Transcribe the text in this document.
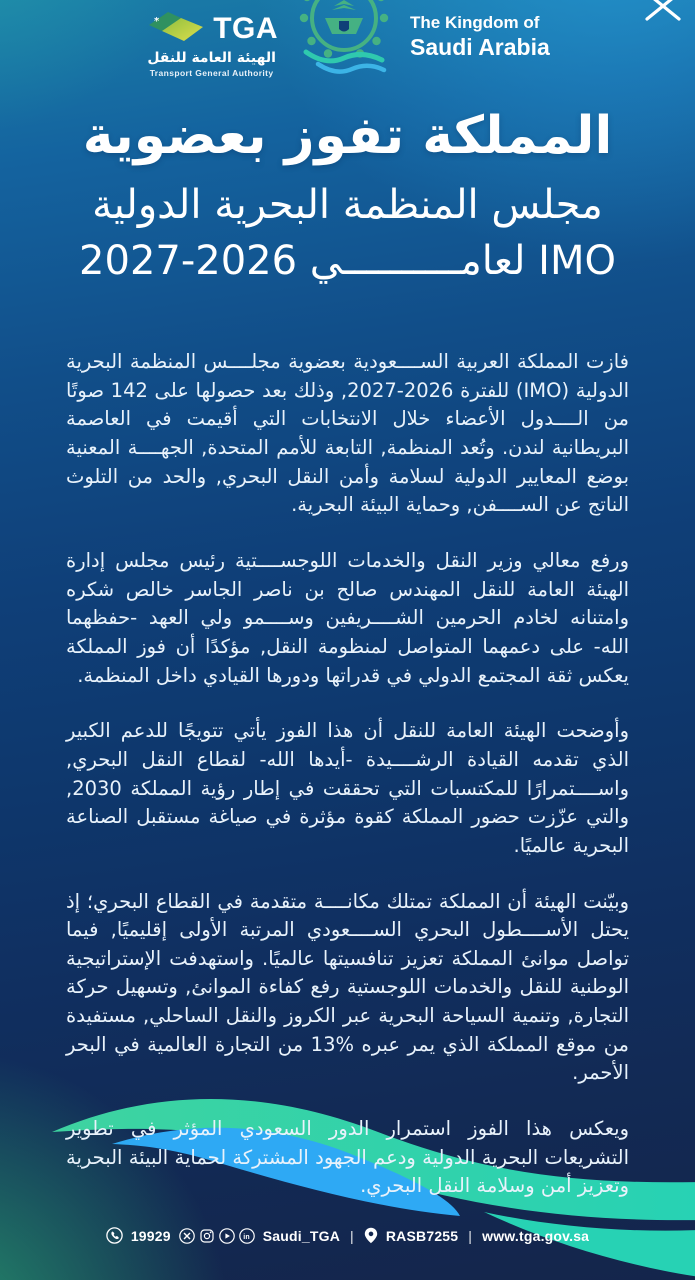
* TGA
الهيئة العامة للنقل
Transport General Authority
The Kingdom of
Saudi Arabia
المملكة تفوز بعضوية
مجلس المنظمة البحرية الدولية
IMO لعامــــــــــي 2026-2027

فازت المملكة العربية الســــعودية بعضوية مجلــــس المنظمة البحرية الدولية (IMO) للفترة 2026-2027, وذلك بعد حصولها على 142 صوتًا من الــــدول الأعضاء خلال الانتخابات التي أقيمت في العاصمة البريطانية لندن. وتُعد المنظمة, التابعة للأمم المتحدة, الجهــــة المعنية بوضع المعايير الدولية لسلامة وأمن النقل البحري, والحد من التلوث الناتج عن الســــفن, وحماية البيئة البحرية.

ورفع معالي وزير النقل والخدمات اللوجســــتية رئيس مجلس إدارة الهيئة العامة للنقل المهندس صالح بن ناصر الجاسر خالص شكره وامتنانه لخادم الحرمين الشــــريفين وســــمو ولي العهد -حفظهما الله- على دعمهما المتواصل لمنظومة النقل, مؤكدًا أن فوز المملكة يعكس ثقة المجتمع الدولي في قدراتها ودورها القيادي داخل المنظمة.

وأوضحت الهيئة العامة للنقل أن هذا الفوز يأتي تتويجًا للدعم الكبير الذي تقدمه القيادة الرشــــيدة -أيدها الله- لقطاع النقل البحري, واســــتمرارًا للمكتسبات التي تحققت في إطار رؤية المملكة 2030, والتي عزّزت حضور المملكة كقوة مؤثرة في صياغة مستقبل الصناعة البحرية عالميًا.

وبيّنت الهيئة أن المملكة تمتلك مكانــــة متقدمة في القطاع البحري؛ إذ يحتل الأســــطول البحري الســــعودي المرتبة الأولى إقليميًا, فيما تواصل موانئ المملكة تعزيز تنافسيتها عالميًا. واستهدفت الإستراتيجية الوطنية للنقل والخدمات اللوجستية رفع كفاءة الموانئ, وتسهيل حركة التجارة, وتنمية السياحة البحرية عبر الكروز والنقل الساحلي, مستفيدة من موقع المملكة الذي يمر عبره %13 من التجارة العالمية في البحر الأحمر.

ويعكس هذا الفوز استمرار الدور السعودي المؤثر في تطوير التشريعات البحرية الدولية ودعم الجهود المشتركة لحماية البيئة البحرية وتعزيز أمن وسلامة النقل البحري.

19929	in Saudi_TGA | RASB7255 | www.tga.gov.sa
